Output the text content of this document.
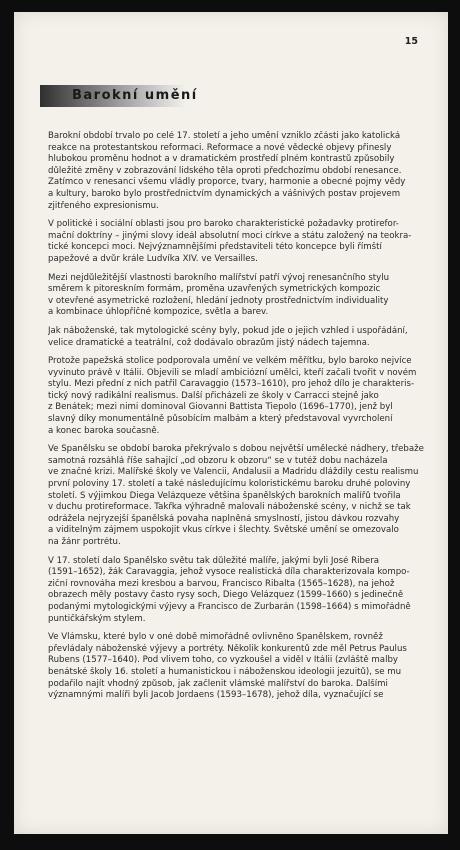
15
Barokní umění

Barokní období trvalo po celé 17. století a jeho umění vzniklo zčásti jako katolická
reakce na protestantskou reformaci. Reformace a nové vědecké objevy přinesly
hlubokou proměnu hodnot a v dramatickém prostředí plném kontrastů způsobily
důležité změny v zobrazování lidského těla oproti předchozímu období renesance.
Zatímco v renesanci všemu vládly proporce, tvary, harmonie a obecné pojmy vědy
a kultury, baroko bylo prostřednictvím dynamických a vášnivých postav projevem
zjitřeného expresionismu.

V politické i sociální oblasti jsou pro baroko charakteristické požadavky protirefor-
mační doktríny – jinými slovy ideál absolutní moci církve a státu založený na teokra-
tické koncepci moci. Nejvýznamnějšími představiteli této koncepce byli římští
papežové a dvůr krále Ludvíka XIV. ve Versailles.

Mezi nejdůležitější vlastnosti barokního malířství patří vývoj renesančního stylu
směrem k pitoreskním formám, proměna uzavřených symetrických kompozic
v otevřené asymetrické rozložení, hledání jednoty prostřednictvím individuality
a kombinace úhlopříčné kompozice, světla a barev.

Jak náboženské, tak mytologické scény byly, pokud jde o jejich vzhled i uspořádání,
velice dramatické a teatrální, což dodávalo obrazům jistý nádech tajemna.

Protože papežská stolice podporovala umění ve velkém měřítku, bylo baroko nejvíce
vyvinuto právě v Itálii. Objevili se mladí ambiciózní umělci, kteří začali tvořit v novém
stylu. Mezi přední z nich patřil Caravaggio (1573–1610), pro jehož dílo je charakteris-
tický nový radikální realismus. Další přicházeli ze školy v Carracci stejně jako
z Benátek; mezi nimi dominoval Giovanni Battista Tiepolo (1696–1770), jenž byl
slavný díky monumentálně působícím malbám a který představoval vyvrcholení
a konec baroka současně.

Ve Španělsku se období baroka překrývalo s dobou největší umělecké nádhery, třebaže
samotná rozsáhlá říše sahající „od obzoru k obzoru“ se v tutéž dobu nacházela
ve značné krizi. Malířské školy ve Valencii, Andalusii a Madridu dláždily cestu realismu
první poloviny 17. století a také následujícímu koloristickému baroku druhé poloviny
století. S výjimkou Diega Velázqueze většina španělských barokních malířů tvořila
v duchu protireformace. Takřka výhradně malovali náboženské scény, v nichž se tak
odrážela nejryzejší španělská povaha naplněná smyslností, jistou dávkou rozvahy
a viditelným zájmem uspokojit vkus církve i šlechty. Světské umění se omezovalo
na žánr portrétu.

V 17. století dalo Španělsko světu tak důležité malíře, jakými byli José Ribera
(1591–1652), žák Caravaggia, jehož vysoce realistická díla charakterizovala kompo-
ziční rovnováha mezi kresbou a barvou, Francisco Ribalta (1565–1628), na jehož
obrazech měly postavy často rysy soch, Diego Velázquez (1599–1660) s jedinečně
podanými mytologickými výjevy a Francisco de Zurbarán (1598–1664) s mimořádně
puntičkářským stylem.

Ve Vlámsku, které bylo v oné době mimořádně ovlivněno Španělskem, rovněž
převládaly náboženské výjevy a portréty. Několik konkurentů zde měl Petrus Paulus
Rubens (1577–1640). Pod vlivem toho, co vyzkoušel a viděl v Itálii (zvláště malby
benátské školy 16. století a humanistickou i náboženskou ideologii jezuitů), se mu
podařilo najít vhodný způsob, jak začlenit vlámské malířství do baroka. Dalšími
významnými malíři byli Jacob Jordaens (1593–1678), jehož díla, vyznačující se
